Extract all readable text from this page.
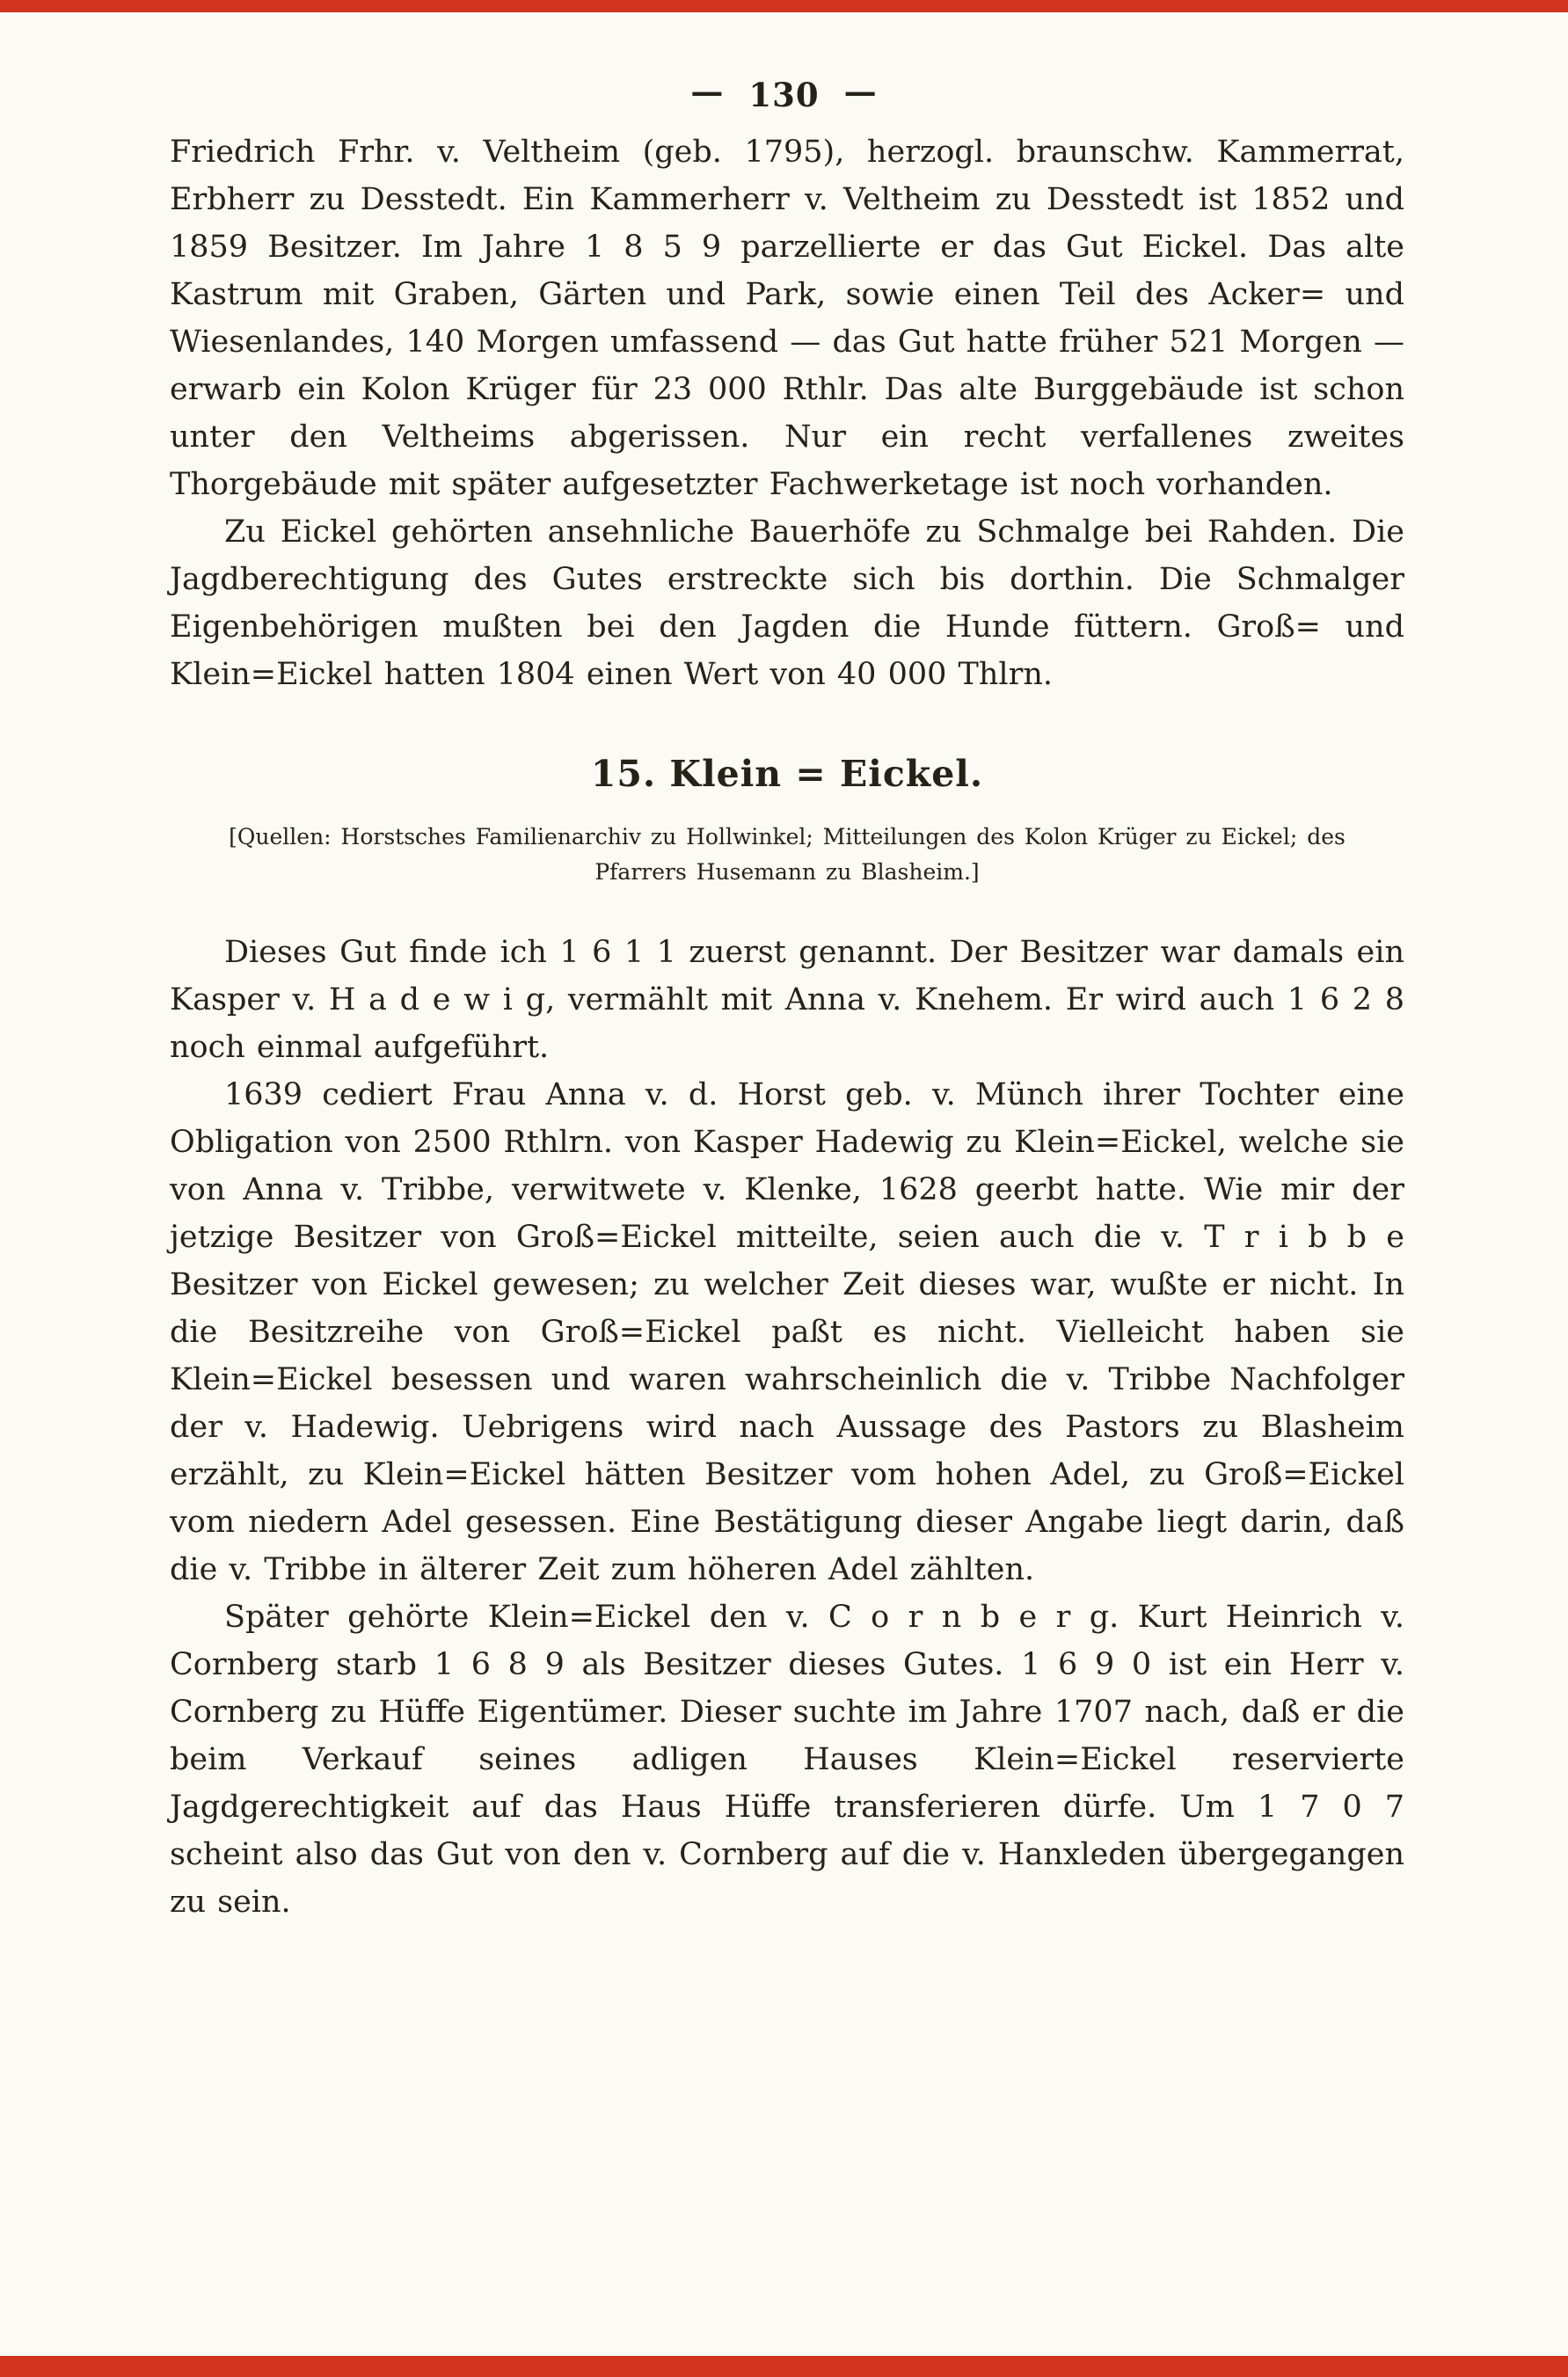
— 130 —

Friedrich Frhr. v. Veltheim (geb. 1795), herzogl. braunschw. Kammerrat, Erbherr zu Desstedt. Ein Kammerherr v. Veltheim zu Desstedt ist 1852 und 1859 Besitzer. Im Jahre 1 8 5 9 parzellierte er das Gut Eickel. Das alte Kastrum mit Graben, Gärten und Park, sowie einen Teil des Acker= und Wiesenlandes, 140 Morgen umfassend — das Gut hatte früher 521 Morgen — erwarb ein Kolon Krüger für 23 000 Rthlr. Das alte Burggebäude ist schon unter den Veltheims abgerissen. Nur ein recht verfallenes zweites Thorgebäude mit später aufgesetzter Fachwerketage ist noch vorhanden.

Zu Eickel gehörten ansehnliche Bauerhöfe zu Schmalge bei Rahden. Die Jagdberechtigung des Gutes erstreckte sich bis dorthin. Die Schmalger Eigenbehörigen mußten bei den Jagden die Hunde füttern. Groß= und Klein=Eickel hatten 1804 einen Wert von 40 000 Thlrn.

15. Klein = Eickel.

[Quellen: Horstsches Familienarchiv zu Hollwinkel; Mitteilungen des Kolon Krüger zu Eickel; des Pfarrers Husemann zu Blasheim.]

Dieses Gut finde ich 1 6 1 1 zuerst genannt. Der Besitzer war damals ein Kasper v. H a d e w i g, vermählt mit Anna v. Knehem. Er wird auch 1 6 2 8 noch einmal aufgeführt.

1639 cediert Frau Anna v. d. Horst geb. v. Münch ihrer Tochter eine Obligation von 2500 Rthlrn. von Kasper Hadewig zu Klein=Eickel, welche sie von Anna v. Tribbe, verwitwete v. Klenke, 1628 geerbt hatte. Wie mir der jetzige Besitzer von Groß=Eickel mitteilte, seien auch die v. T r i b b e Besitzer von Eickel gewesen; zu welcher Zeit dieses war, wußte er nicht. In die Besitzreihe von Groß=Eickel paßt es nicht. Vielleicht haben sie Klein=Eickel besessen und waren wahrscheinlich die v. Tribbe Nachfolger der v. Hadewig. Uebrigens wird nach Aussage des Pastors zu Blasheim erzählt, zu Klein=Eickel hätten Besitzer vom hohen Adel, zu Groß=Eickel vom niedern Adel gesessen. Eine Bestätigung dieser Angabe liegt darin, daß die v. Tribbe in älterer Zeit zum höheren Adel zählten.

Später gehörte Klein=Eickel den v. C o r n b e r g. Kurt Heinrich v. Cornberg starb 1 6 8 9 als Besitzer dieses Gutes. 1 6 9 0 ist ein Herr v. Cornberg zu Hüffe Eigentümer. Dieser suchte im Jahre 1707 nach, daß er die beim Verkauf seines adligen Hauses Klein=Eickel reservierte Jagdgerechtigkeit auf das Haus Hüffe transferieren dürfe. Um 1 7 0 7 scheint also das Gut von den v. Cornberg auf die v. Hanxleden übergegangen zu sein.
